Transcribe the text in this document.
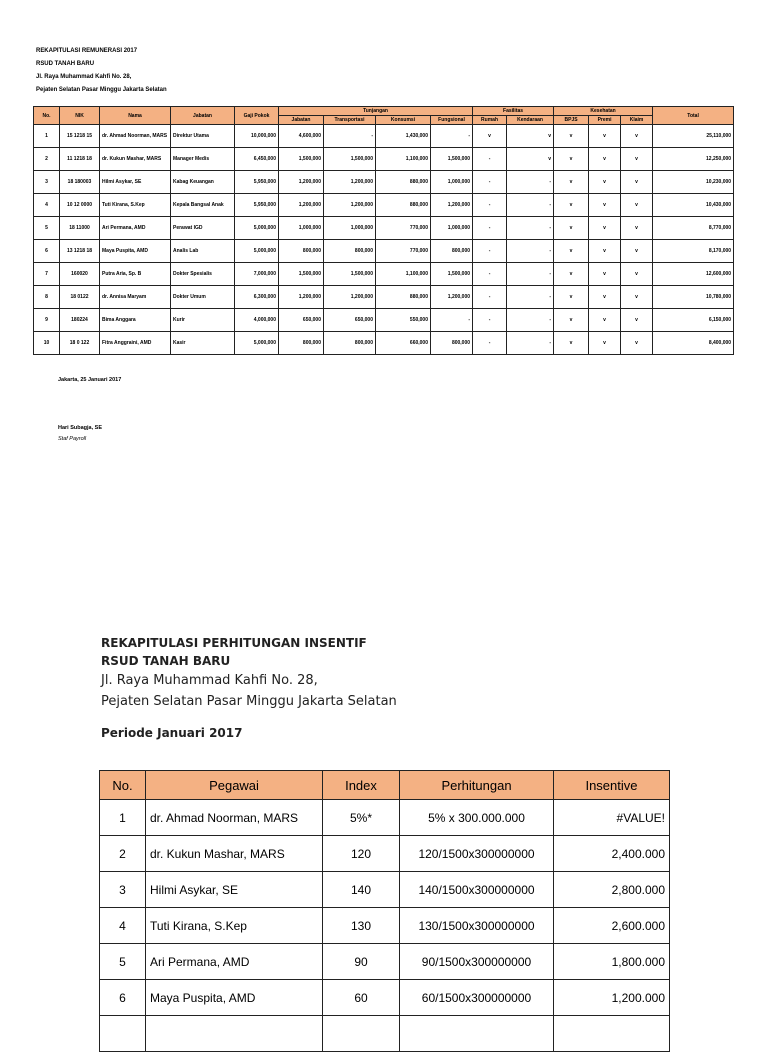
REKAPITULASI REMUNERASI 2017
RSUD TANAH BARU
Jl. Raya Muhammad Kahfi No. 28,
Pejaten Selatan Pasar Minggu Jakarta Selatan
No.	NIK	Nama	Jabatan	Gaji Pokok	Tunjangan				Fasilitas		Kesehatan			Total
					Jabatan	Transportasi	Konsumsi	Fungsional	Rumah	Kendaraan	BPJS	Premi	Klaim	
1	15 1218 15	dr. Ahmad Noorman, MARS	Direktur Utama	10,000,000	4,600,000	-	1,430,000	-	v	v	v	v	v	25,110,000
2	11 1218 18	dr. Kukun Mashar, MARS	Manager Medis	6,450,000	1,500,000	1,500,000	1,100,000	1,500,000	-	v	v	v	v	12,250,000
3	18 180003	Hilmi Asykar, SE	Kabag Keuangan	5,950,000	1,200,000	1,200,000	880,000	1,000,000	-	-	v	v	v	10,230,000
4	10 12 0000	Tuti Kirana, S.Kep	Kepala Bangsal Anak	5,950,000	1,200,000	1,200,000	880,000	1,200,000	-	-	v	v	v	10,430,000
5	18 11000	Ari Permana, AMD	Perawat IGD	5,000,000	1,000,000	1,000,000	770,000	1,000,000	-	-	v	v	v	8,770,000
6	13 1218 18	Maya Puspita, AMD	Analis Lab	5,000,000	800,000	800,000	770,000	800,000	-	-	v	v	v	8,170,000
7	160020	Putra Aria, Sp. B	Dokter Spesialis	7,000,000	1,500,000	1,500,000	1,100,000	1,500,000	-	-	v	v	v	12,600,000
8	18 0122	dr. Annisa Maryam	Dokter Umum	6,300,000	1,200,000	1,200,000	880,000	1,200,000	-	-	v	v	v	10,780,000
9	180224	Bima Anggara	Kurir	4,000,000	650,000	650,000	550,000	-	-	-	v	v	v	6,150,000
10	18 0 122	Fitra Anggraini, AMD	Kasir	5,000,000	800,000	800,000	660,000	800,000	-	-	v	v	v	8,400,000
Jakarta, 25 Januari 2017
Hari Subagja, SE
Staf Payroll
REKAPITULASI PERHITUNGAN INSENTIF
RSUD TANAH BARU
Jl. Raya Muhammad Kahfi No. 28,
Pejaten Selatan Pasar Minggu Jakarta Selatan
Periode Januari 2017
No.	Pegawai	Index	Perhitungan	Insentive
1	dr. Ahmad Noorman, MARS	5%*	5% x 300.000.000	#VALUE!
2	dr. Kukun Mashar, MARS	120	120/1500x300000000	2,400.000
3	Hilmi Asykar, SE	140	140/1500x300000000	2,800.000
4	Tuti Kirana, S.Kep	130	130/1500x300000000	2,600.000
5	Ari Permana, AMD	90	90/1500x300000000	1,800.000
6	Maya Puspita, AMD	60	60/1500x300000000	1,200.000
